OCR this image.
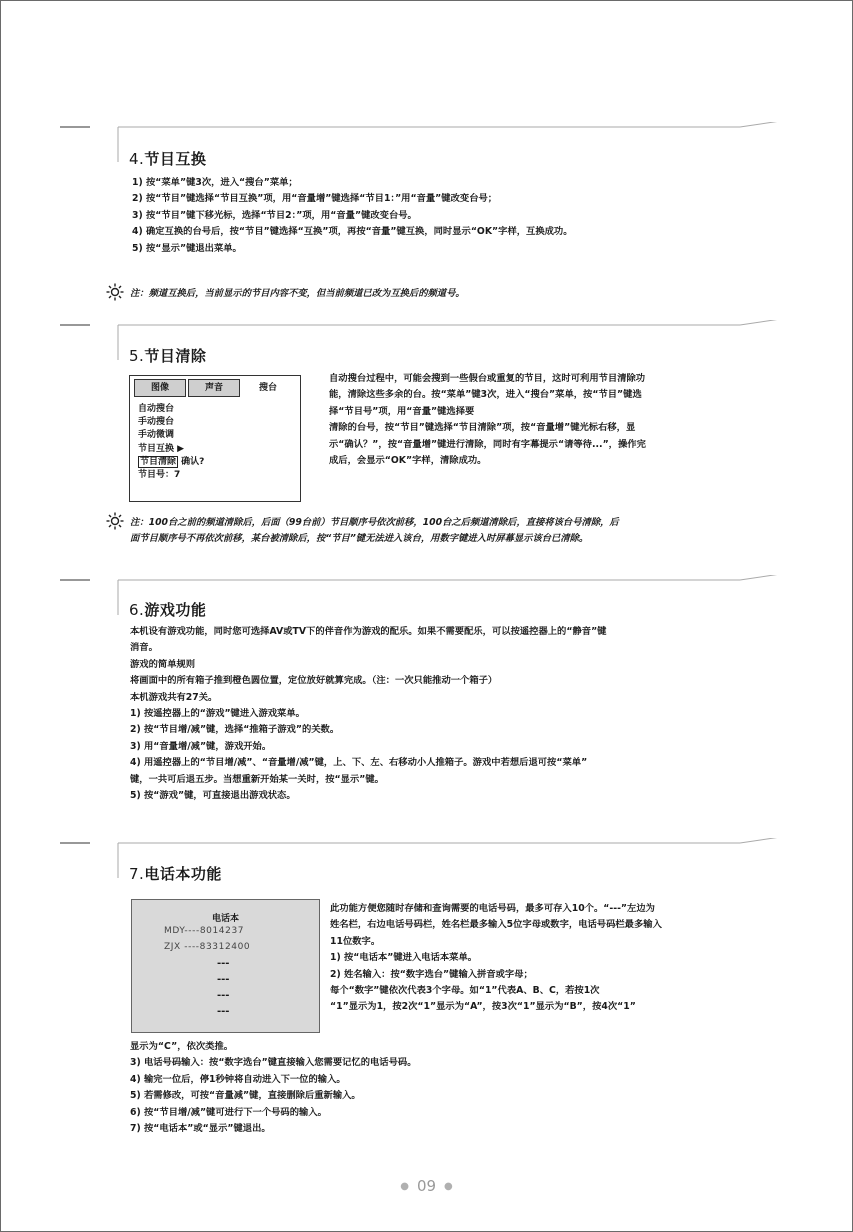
4.节目互换
1) 按“菜单”键3次，进入“搜台”菜单；
2) 按“节目”键选择“节目互换”项，用“音量增”键选择“节目1：”用“音量”键改变台号；
3) 按“节目”键下移光标，选择“节目2：”项，用“音量”键改变台号。
4) 确定互换的台号后，按“节目”键选择“互换”项，再按“音量”键互换，同时显示“OK”字样，互换成功。
5) 按“显示”键退出菜单。
注：频道互换后，当前显示的节目内容不变，但当前频道已改为互换后的频道号。
5.节目清除
图像	声音	搜台
自动搜台
手动搜台
手动微调
节目互换 ▶
节目清除 确认?
节目号：7
自动搜台过程中，可能会搜到一些假台或重复的节目，这时可利用节目清除功
能，清除这些多余的台。按“菜单”键3次，进入“搜台”菜单，按“节目”键选
择“节目号”项，用“音量”键选择要
清除的台号，按“节目”键选择“节目清除”项，按“音量增”键光标右移，显
示“确认？”，按“音量增”键进行清除，同时有字幕提示“请等待...”，操作完
成后，会显示“OK”字样，清除成功。
注：100台之前的频道清除后，后面（99台前）节目顺序号依次前移，100台之后频道清除后，直接将该台号清除，后
面节目顺序号不再依次前移，某台被清除后，按“节目”键无法进入该台，用数字键进入时屏幕显示该台已清除。
6.游戏功能
本机设有游戏功能，同时您可选择AV或TV下的伴音作为游戏的配乐。如果不需要配乐，可以按遥控器上的“静音”键
消音。
游戏的简单规则
将画面中的所有箱子推到橙色圆位置，定位放好就算完成。（注：一次只能推动一个箱子）
本机游戏共有27关。
1) 按遥控器上的“游戏”键进入游戏菜单。
2) 按“节目增/减”键，选择“推箱子游戏”的关数。
3) 用“音量增/减”键，游戏开始。
4) 用遥控器上的“节目增/减”、“音量增/减”键，上、下、左、右移动小人推箱子。游戏中若想后退可按“菜单”
键，一共可后退五步。当想重新开始某一关时，按“显示”键。
5) 按“游戏”键，可直接退出游戏状态。
7.电话本功能
电话本
MDY----8014237
ZJX ----83312400
---
---
---
---
此功能方便您随时存储和查询需要的电话号码，最多可存入10个。“---”左边为
姓名栏，右边电话号码栏，姓名栏最多输入5位字母或数字，电话号码栏最多输入
11位数字。
1) 按“电话本”键进入电话本菜单。
2) 姓名输入：按“数字选台”键输入拼音或字母；
每个“数字”键依次代表3个字母。如“1”代表A、B、C，若按1次
“1”显示为1，按2次“1”显示为“A”，按3次“1”显示为“B”，按4次“1”
显示为“C”，依次类推。
3) 电话号码输入：按“数字选台”键直接输入您需要记忆的电话号码。
4) 输完一位后，停1秒钟将自动进入下一位的输入。
5) 若需修改，可按“音量减”键，直接删除后重新输入。
6) 按“节目增/减”键可进行下一个号码的输入。
7) 按“电话本”或“显示”键退出。
● 09 ●
